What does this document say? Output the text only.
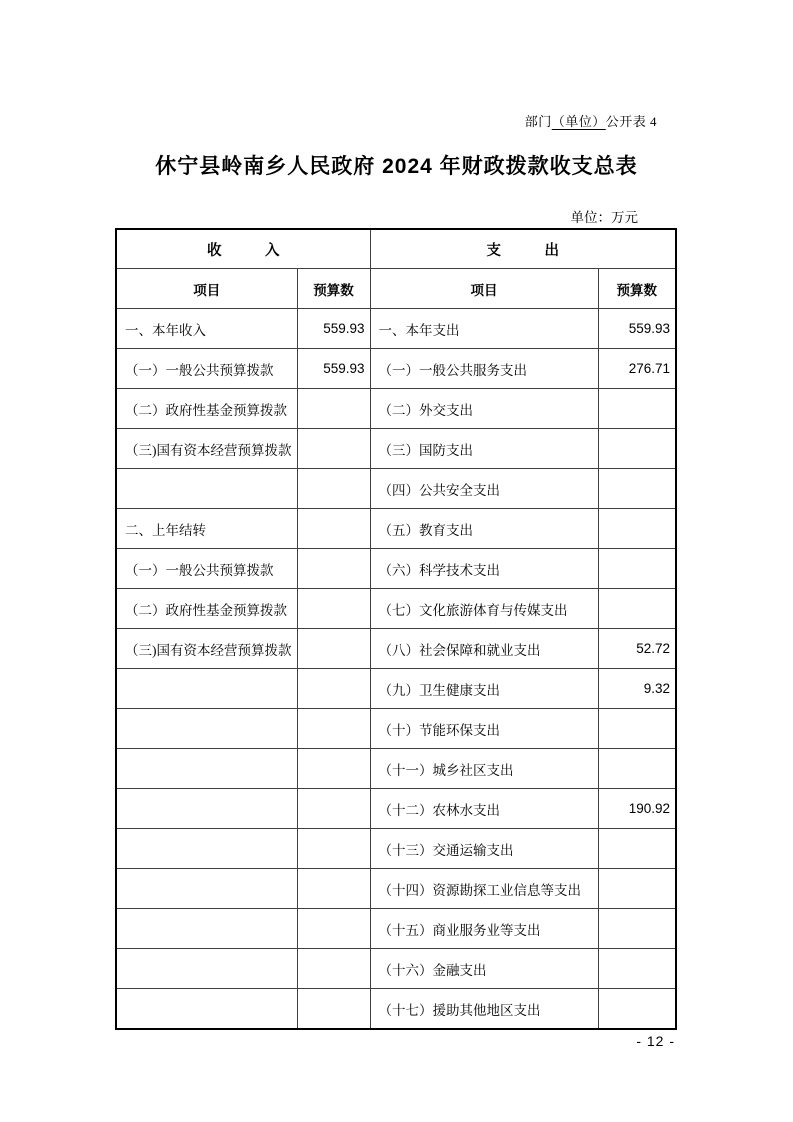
部门（单位）公开表 4
休宁县岭南乡人民政府 2024 年财政拨款收支总表
单位：万元
收　　　入		支　　　出	
项目	预算数	项目	预算数
一、本年收入	559.93	一、本年支出	559.93
（一）一般公共预算拨款	559.93	（一）一般公共服务支出	276.71
（二）政府性基金预算拨款		（二）外交支出	
（三)国有资本经营预算拨款		（三）国防支出	
		（四）公共安全支出	
二、上年结转		（五）教育支出	
（一）一般公共预算拨款		（六）科学技术支出	
（二）政府性基金预算拨款		（七）文化旅游体育与传媒支出	
（三)国有资本经营预算拨款		（八）社会保障和就业支出	52.72
		（九）卫生健康支出	9.32
		（十）节能环保支出	
		（十一）城乡社区支出	
		（十二）农林水支出	190.92
		（十三）交通运输支出	
		（十四）资源勘探工业信息等支出	
		（十五）商业服务业等支出	
		（十六）金融支出	
		（十七）援助其他地区支出	
- 12 -
